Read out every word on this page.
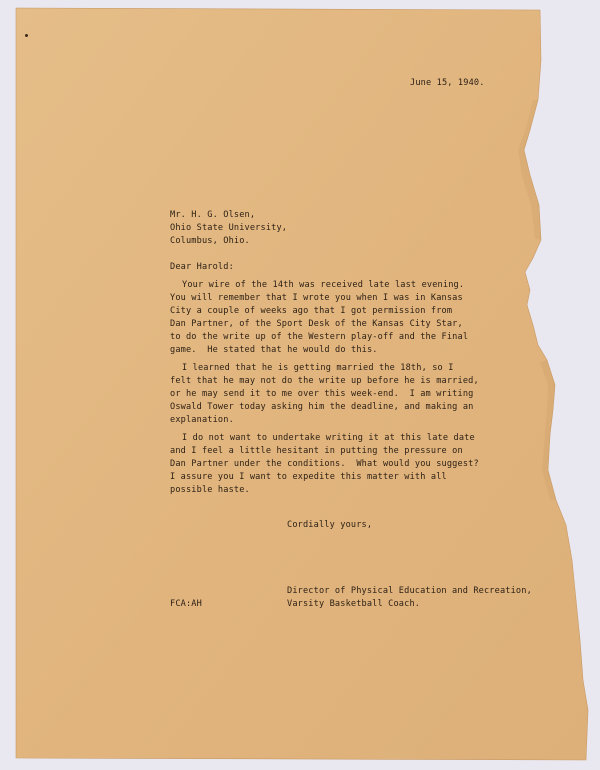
June 15, 1940.

Mr. H. G. Olsen,

Ohio State University,

Columbus, Ohio.

Dear Harold:

Your wire of the 14th was received late last evening.

You will remember that I wrote you when I was in Kansas

City a couple of weeks ago that I got permission from

Dan Partner, of the Sport Desk of the Kansas City Star,

to do the write up of the Western play-off and the Final

game.  He stated that he would do this.

I learned that he is getting married the 18th, so I

felt that he may not do the write up before he is married,

or he may send it to me over this week-end.  I am writing

Oswald Tower today asking him the deadline, and making an

explanation.

I do not want to undertake writing it at this late date

and I feel a little hesitant in putting the pressure on

Dan Partner under the conditions.  What would you suggest?

I assure you I want to expedite this matter with all

possible haste.

Cordially yours,

Director of Physical Education and Recreation,

Varsity Basketball Coach.

FCA:AH
